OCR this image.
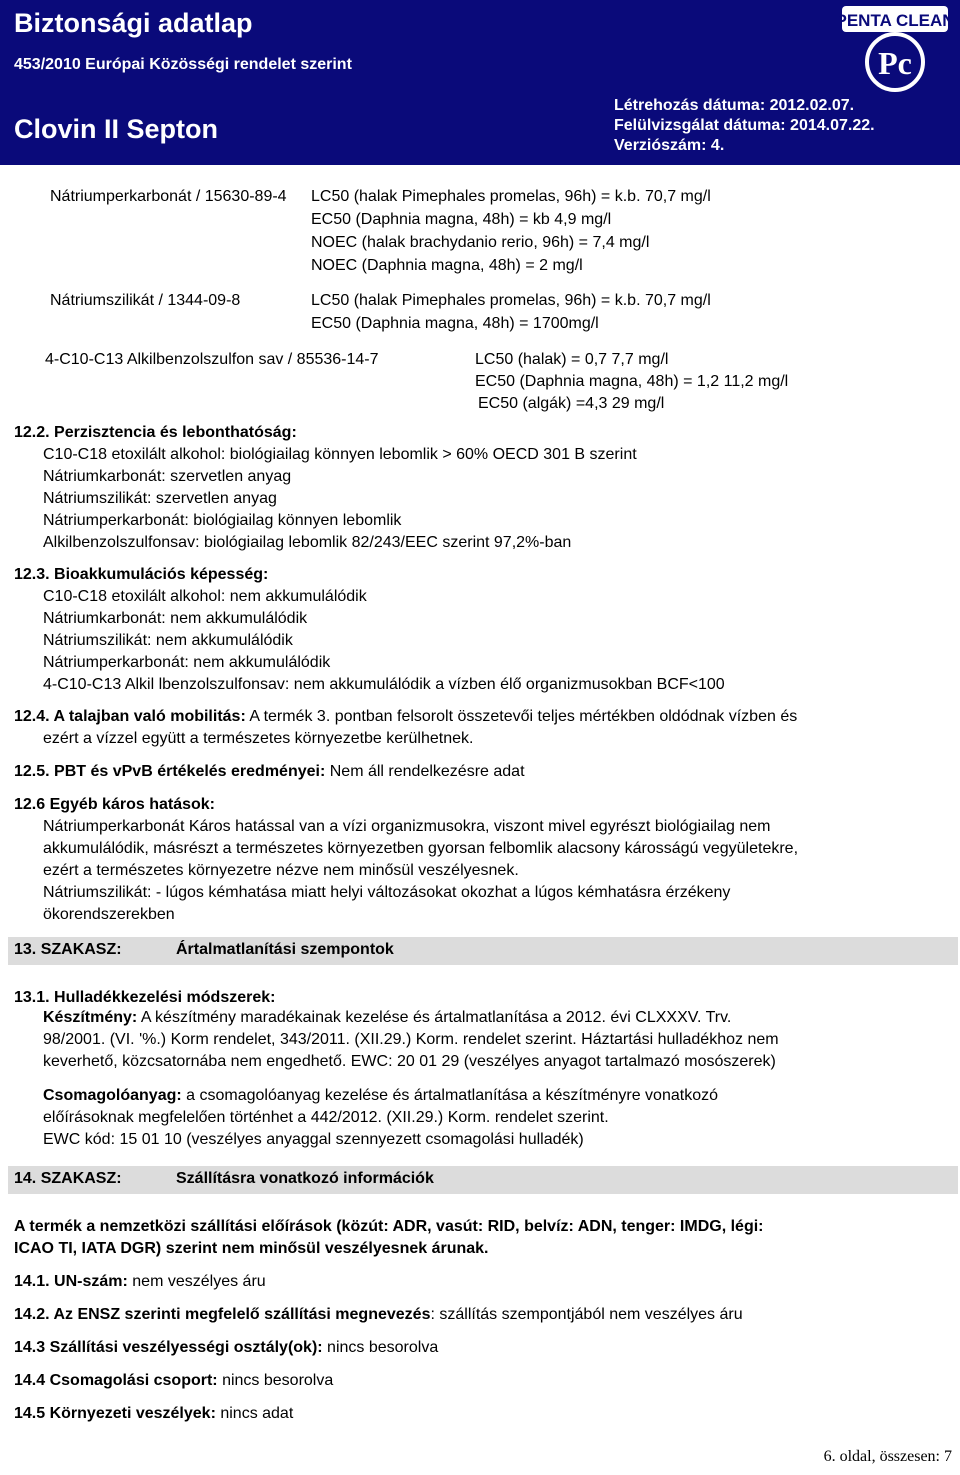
Biztonsági adatlap
453/2010 Európai Közösségi rendelet szerint
Clovin II Septon
Létrehozás dátuma: 2012.02.07.
Felülvizsgálat dátuma: 2014.07.22.
Verziószám: 4.
PENTA CLEAN
Pc
Nátriumperkarbonát / 15630-89-4 LC50 (halak Pimephales promelas, 96h) = k.b. 70,7 mg/l
EC50 (Daphnia magna, 48h) = kb 4,9 mg/l
NOEC (halak brachydanio rerio, 96h) = 7,4 mg/l
NOEC (Daphnia magna, 48h) = 2 mg/l
Nátriumszilikát / 1344-09-8	LC50 (halak Pimephales promelas, 96h) = k.b. 70,7 mg/l
EC50 (Daphnia magna, 48h) = 1700mg/l
4-C10-C13 Alkilbenzolszulfon sav / 85536-14-7	LC50 (halak) = 0,7 7,7 mg/l
EC50 (Daphnia magna, 48h) = 1,2 11,2 mg/l
EC50 (algák) =4,3 29 mg/l
12.2. Perzisztencia és lebonthatóság:
C10-C18 etoxilált alkohol: biológiailag könnyen lebomlik > 60% OECD 301 B szerint
Nátriumkarbonát: szervetlen anyag
Nátriumszilikát: szervetlen anyag
Nátriumperkarbonát: biológiailag könnyen lebomlik
Alkilbenzolszulfonsav: biológiailag lebomlik 82/243/EEC szerint 97,2%-ban
12.3. Bioakkumulációs képesség:
C10-C18 etoxilált alkohol: nem akkumulálódik
Nátriumkarbonát: nem akkumulálódik
Nátriumszilikát: nem akkumulálódik
Nátriumperkarbonát: nem akkumulálódik
4-C10-C13 Alkil lbenzolszulfonsav: nem akkumulálódik a vízben élő organizmusokban BCF<100
12.4. A talajban való mobilitás: A termék 3. pontban felsorolt összetevői teljes mértékben oldódnak vízben és
ezért a vízzel együtt a természetes környezetbe kerülhetnek.
12.5. PBT és vPvB értékelés eredményei: Nem áll rendelkezésre adat
12.6 Egyéb káros hatások:
Nátriumperkarbonát Káros hatással van a vízi organizmusokra, viszont mivel egyrészt biológiailag nem
akkumulálódik, másrészt a természetes környezetben gyorsan felbomlik alacsony károsságú vegyületekre,
ezért a természetes környezetre nézve nem minősül veszélyesnek.
Nátriumszilikát: - lúgos kémhatása miatt helyi változásokat okozhat a lúgos kémhatásra érzékeny
ökorendszerekben
13. SZAKASZ:	Ártalmatlanítási szempontok
13.1. Hulladékkezelési módszerek:
Készítmény: A készítmény maradékainak kezelése és ártalmatlanítása a 2012. évi CLXXXV. Trv.
98/2001. (VI. '%.) Korm rendelet, 343/2011. (XII.29.) Korm. rendelet szerint. Háztartási hulladékhoz nem
keverhető, közcsatornába nem engedhető. EWC: 20 01 29 (veszélyes anyagot tartalmazó mosószerek)
Csomagolóanyag: a csomagolóanyag kezelése és ártalmatlanítása a készítményre vonatkozó
előírásoknak megfelelően történhet a 442/2012. (XII.29.) Korm. rendelet szerint.
EWC kód: 15 01 10 (veszélyes anyaggal szennyezett csomagolási hulladék)
14. SZAKASZ:	Szállításra vonatkozó információk
A termék a nemzetközi szállítási előírások (közút: ADR, vasút: RID, belvíz: ADN, tenger: IMDG, légi:
ICAO TI, IATA DGR) szerint nem minősül veszélyesnek árunak.
14.1. UN-szám: nem veszélyes áru
14.2. Az ENSZ szerinti megfelelő szállítási megnevezés: szállítás szempontjából nem veszélyes áru
14.3 Szállítási veszélyességi osztály(ok): nincs besorolva
14.4 Csomagolási csoport: nincs besorolva
14.5 Környezeti veszélyek: nincs adat
6. oldal, összesen: 7
